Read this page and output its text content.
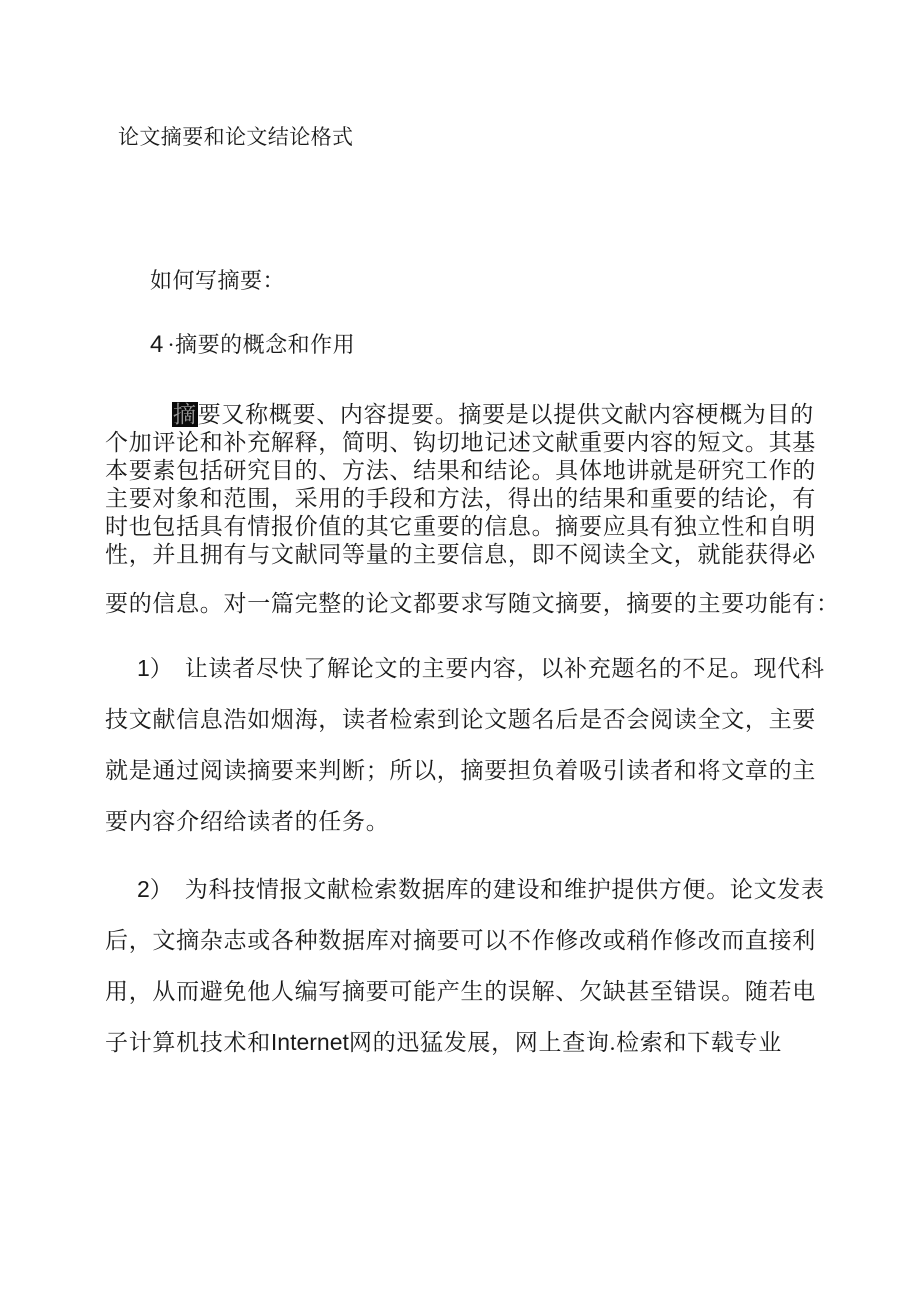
论文摘要和论文结论格式
如何写摘要：
4 ·摘要的概念和作用
摘要又称概要、内容提要。摘要是以提供文献内容梗概为目的
个加评论和补充解释，简明、钩切地记述文献重要内容的短文。其基
本要素包括研究目的、方法、结果和结论。具体地讲就是研究工作的
主要对象和范围，采用的手段和方法，得出的结果和重要的结论，有
时也包括具有情报价值的其它重要的信息。摘要应具有独立性和自明
性，并且拥有与文献同等量的主要信息，即不阅读全文，就能获得必
要的信息。对一篇完整的论文都要求写随文摘要，摘要的主要功能有：
1） 让读者尽快了解论文的主要内容，以补充题名的不足。现代科
技文献信息浩如烟海，读者检索到论文题名后是否会阅读全文，主要
就是通过阅读摘要来判断；所以，摘要担负着吸引读者和将文章的主
要内容介绍给读者的任务。
2） 为科技情报文献检索数据库的建设和维护提供方便。论文发表
后，文摘杂志或各种数据库对摘要可以不作修改或稍作修改而直接利
用，从而避免他人编写摘要可能产生的误解、欠缺甚至错误。随若电
子计算机技术和Internet网的迅猛发展，网上查询.检索和下载专业
